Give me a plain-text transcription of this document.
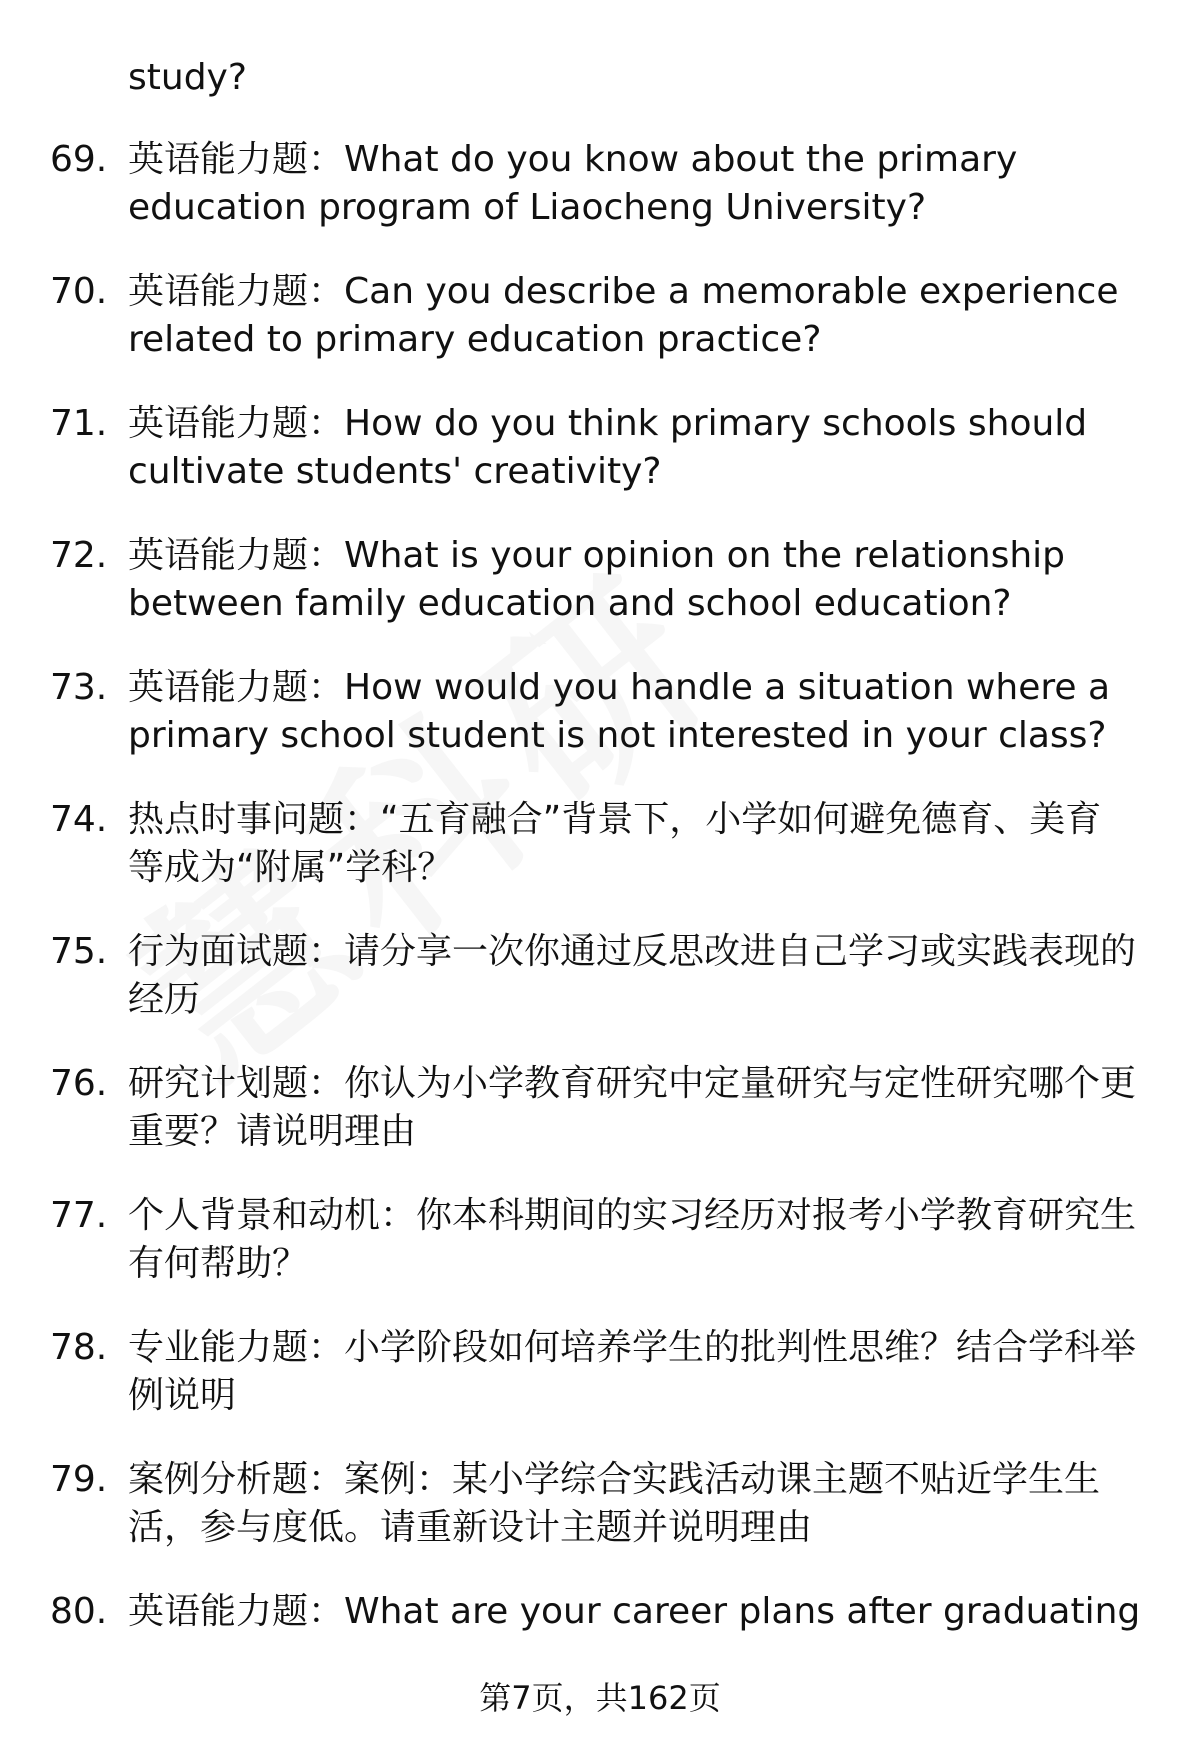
study?
69. 英语能力题：What do you know about the primary
education program of Liaocheng University?
70. 英语能力题：Can you describe a memorable experience
related to primary education practice?
71. 英语能力题：How do you think primary schools should
cultivate students' creativity?
72. 英语能力题：What is your opinion on the relationship
between family education and school education?
73. 英语能力题：How would you handle a situation where a
primary school student is not interested in your class?
74. 热点时事问题：“五育融合”背景下，小学如何避免德育、美育
等成为“附属”学科？
75. 行为面试题：请分享一次你通过反思改进自己学习或实践表现的
经历
76. 研究计划题：你认为小学教育研究中定量研究与定性研究哪个更
重要？请说明理由
77. 个人背景和动机：你本科期间的实习经历对报考小学教育研究生
有何帮助？
78. 专业能力题：小学阶段如何培养学生的批判性思维？结合学科举
例说明
79. 案例分析题：案例：某小学综合实践活动课主题不贴近学生生
活，参与度低。请重新设计主题并说明理由
80. 英语能力题：What are your career plans after graduating
第7页，共162页
